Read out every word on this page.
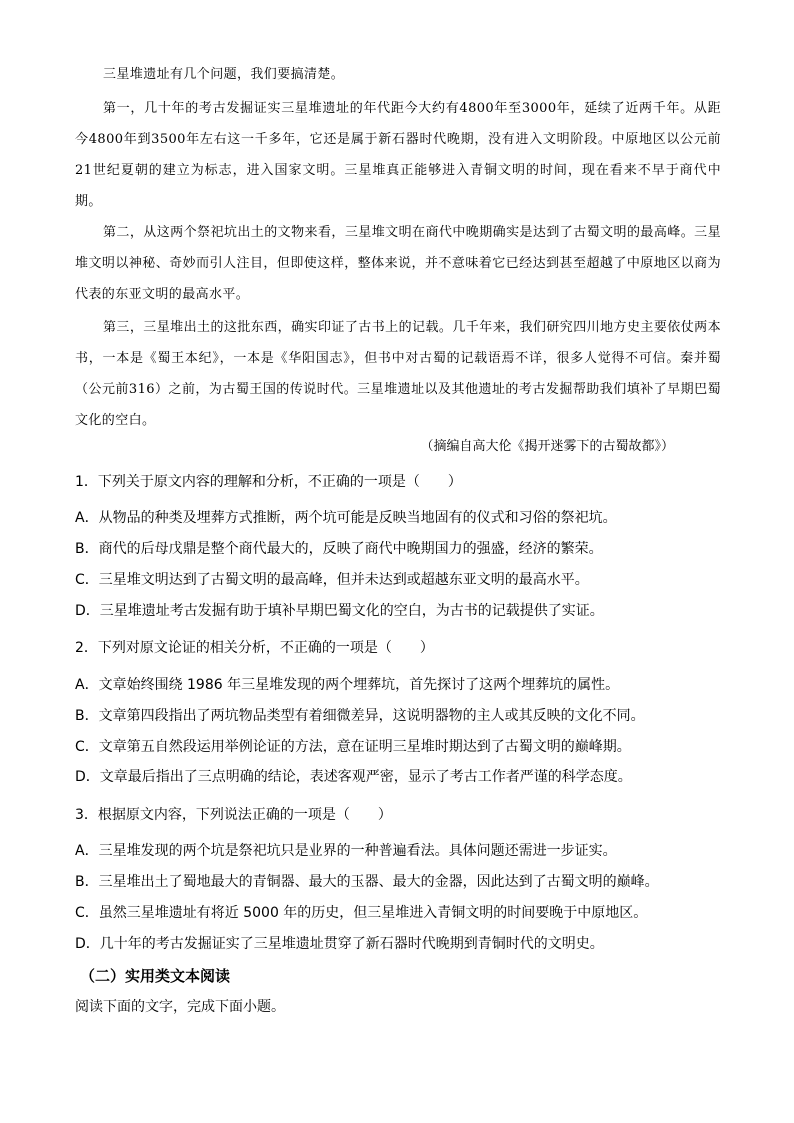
三星堆遗址有几个问题，我们要搞清楚。

第一，几十年的考古发掘证实三星堆遗址的年代距今大约有4800年至3000年，延续了近两千年。从距今4800年到3500年左右这一千多年，它还是属于新石器时代晚期，没有进入文明阶段。中原地区以公元前21世纪夏朝的建立为标志，进入国家文明。三星堆真正能够进入青铜文明的时间，现在看来不早于商代中期。

第二，从这两个祭祀坑出土的文物来看，三星堆文明在商代中晚期确实是达到了古蜀文明的最高峰。三星堆文明以神秘、奇妙而引人注目，但即使这样，整体来说，并不意味着它已经达到甚至超越了中原地区以商为代表的东亚文明的最高水平。

第三，三星堆出土的这批东西，确实印证了古书上的记载。几千年来，我们研究四川地方史主要依仗两本书，一本是《蜀王本纪》，一本是《华阳国志》，但书中对古蜀的记载语焉不详，很多人觉得不可信。秦并蜀（公元前316）之前，为古蜀王国的传说时代。三星堆遗址以及其他遗址的考古发掘帮助我们填补了早期巴蜀文化的空白。

（摘编自高大伦《揭开迷雾下的古蜀故都》）

1．下列关于原文内容的理解和分析，不正确的一项是（　　）

A．从物品的种类及埋葬方式推断，两个坑可能是反映当地固有的仪式和习俗的祭祀坑。

B．商代的后母戊鼎是整个商代最大的，反映了商代中晚期国力的强盛，经济的繁荣。

C．三星堆文明达到了古蜀文明的最高峰，但并未达到或超越东亚文明的最高水平。

D．三星堆遗址考古发掘有助于填补早期巴蜀文化的空白，为古书的记载提供了实证。

2．下列对原文论证的相关分析，不正确的一项是（　　）

A．文章始终围绕 1986 年三星堆发现的两个埋葬坑，首先探讨了这两个埋葬坑的属性。

B．文章第四段指出了两坑物品类型有着细微差异，这说明器物的主人或其反映的文化不同。

C．文章第五自然段运用举例论证的方法，意在证明三星堆时期达到了古蜀文明的巅峰期。

D．文章最后指出了三点明确的结论，表述客观严密，显示了考古工作者严谨的科学态度。

3．根据原文内容，下列说法正确的一项是（　　）

A．三星堆发现的两个坑是祭祀坑只是业界的一种普遍看法。具体问题还需进一步证实。

B．三星堆出土了蜀地最大的青铜器、最大的玉器、最大的金器，因此达到了古蜀文明的巅峰。

C．虽然三星堆遗址有将近 5000 年的历史，但三星堆进入青铜文明的时间要晚于中原地区。

D．几十年的考古发掘证实了三星堆遗址贯穿了新石器时代晚期到青铜时代的文明史。

（二）实用类文本阅读

阅读下面的文字，完成下面小题。
